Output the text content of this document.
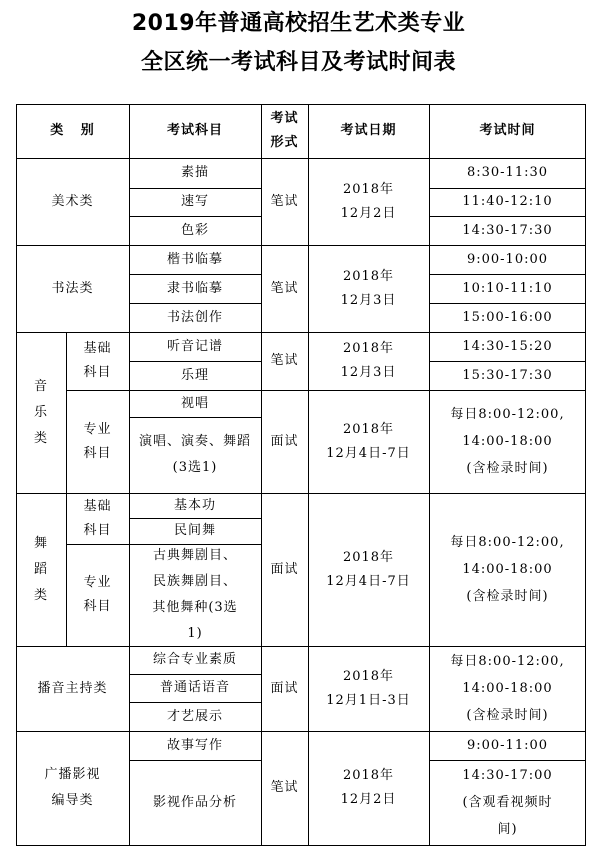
2019年普通高校招生艺术类专业
全区统一考试科目及考试时间表
类   别	考试科目
考试
形式
考试日期	考试时间
美术类
素描
速写
色彩
笔试
2018年
12月2日
8:30-11:30
11:40-12:10
14:30-17:30
书法类
楷书临摹
隶书临摹
书法创作
笔试
2018年
12月3日
9:00-10:00
10:10-11:10
15:00-16:00
音乐类
基础
科目
专业
科目
听音记谱
乐理
视唱
演唱、演奏、舞蹈
(3选1)
笔试
面试
2018年
12月3日
2018年
12月4日-7日
14:30-15:20
15:30-17:30
每日8:00-12:00,
14:00-18:00
(含检录时间)
舞蹈类
基础
科目
专业
科目
基本功
民间舞
古典舞剧目、
民族舞剧目、
其他舞种(3选
1)
面试
2018年
12月4日-7日
每日8:00-12:00,
14:00-18:00
(含检录时间)
播音主持类
综合专业素质
普通话语音
才艺展示
面试
2018年
12月1日-3日
每日8:00-12:00,
14:00-18:00
(含检录时间)
广播影视
编导类
故事写作
影视作品分析
笔试
2018年
12月2日
9:00-11:00
14:30-17:00
(含观看视频时
间)
